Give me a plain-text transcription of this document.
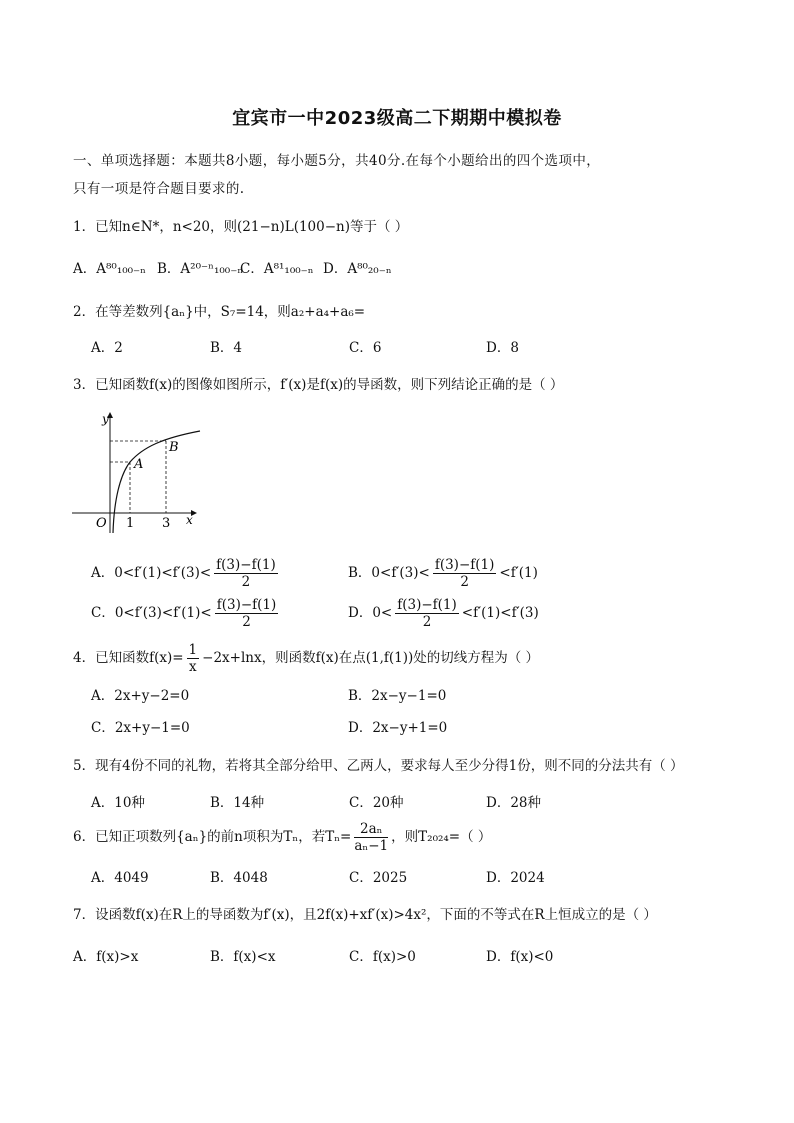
宜宾市一中2023级高二下期期中模拟卷
一、单项选择题：本题共8小题，每小题5分，共40分.在每个小题给出的四个选项中，
只有一项是符合题目要求的.
1．已知n∈N*，n<20，则(21−n)L(100−n)等于（ ）
A．A⁸⁰₁₀₀₋ₙ B．A²⁰⁻ⁿ₁₀₀₋ₙ
C．A⁸¹₁₀₀₋ₙ D．A⁸⁰₂₀₋ₙ
2．在等差数列{aₙ}中，S₇=14，则a₂+a₄+a₆=
A．2	B．4	C．6	D．8
3．已知函数f(x)的图像如图所示，f′(x)是f(x)的导函数，则下列结论正确的是（ ）
y
x
O
A
B
1 3
A．$0<f'(1)<f'(3)< \frac{f(3)-f(1)}{2}$	B．$0<f'(3)< \frac{f(3)-f(1)}{2} <f'(1)$
C．$0<f'(3)<f'(1)< \frac{f(3)-f(1)}{2}$	D．$0< \frac{f(3)-f(1)}{2} <f'(1)<f'(3)$
4．已知函数$f(x)= \frac{1}{x} -2x+\ln x$，则函数f(x)在点(1,f(1))处的切线方程为（ ）
A．2x+y−2=0	B．2x−y−1=0
C．2x+y−1=0	D．2x−y+1=0
5．现有4份不同的礼物，若将其全部分给甲、乙两人，要求每人至少分得1份，则不同的分法共有（ ）
A．10种	B．14种	C．20种	D．28种
6．已知正项数列{aₙ}的前n项积为Tₙ，若$T_n= \frac{\text{2aₙ}}{\text{aₙ−1}}$ ，则T₂₀₂₄=（ ）
A．4049	B．4048	C．2025	D．2024
7．设函数f(x)在R上的导函数为f′(x)，且2f(x)+xf′(x)>4x²，下面的不等式在R上恒成立的是（ ）
A．f(x)>x	B．f(x)<x	C．f(x)>0	D．f(x)<0
